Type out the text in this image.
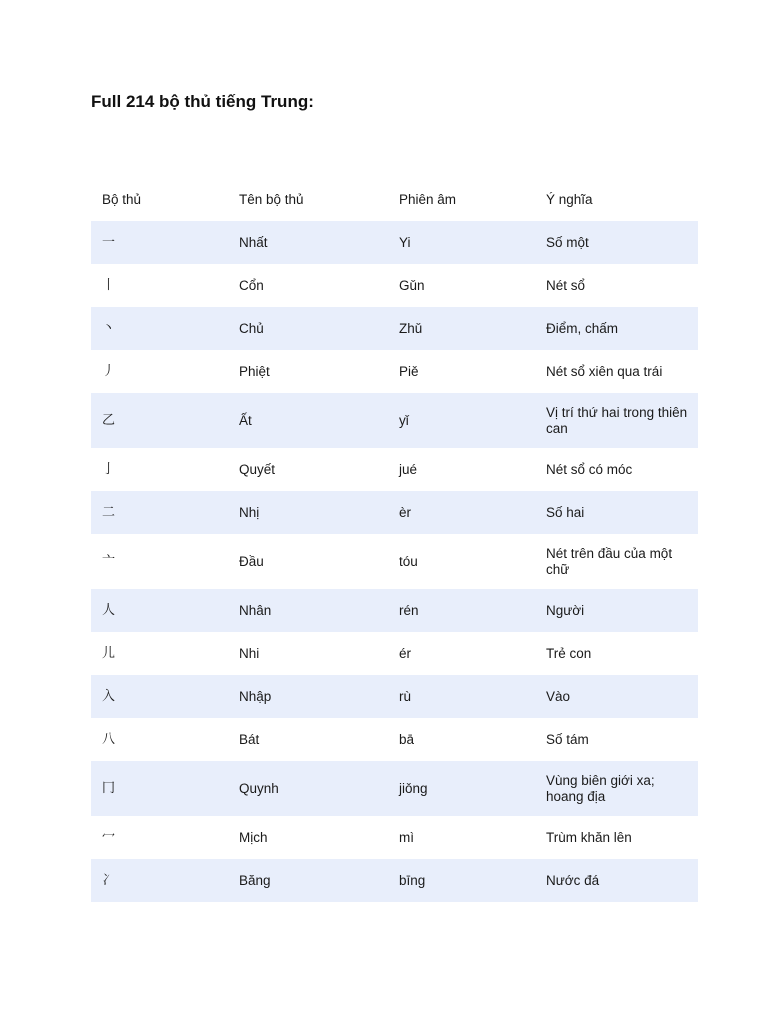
Full 214 bộ thủ tiếng Trung:
Bộ thủ	Tên bộ thủ	Phiên âm	Ý nghĩa
一	Nhất	Yi	Số một
丨	Cổn	Gǔn	Nét sổ
丶	Chủ	Zhǔ	Điểm, chấm
丿	Phiệt	Piě	Nét sổ xiên qua trái
乙	Ất	yǐ	Vị trí thứ hai trong thiên can
亅	Quyết	jué	Nét sổ có móc
二	Nhị	èr	Số hai
亠	Đầu	tóu	Nét trên đầu của một chữ
人	Nhân	rén	Người
儿	Nhi	ér	Trẻ con
入	Nhập	rù	Vào
八	Bát	bā	Số tám
冂	Quynh	jiǒng	Vùng biên giới xa; hoang địa
冖	Mịch	mì	Trùm khăn lên
冫	Băng	bīng	Nước đá
